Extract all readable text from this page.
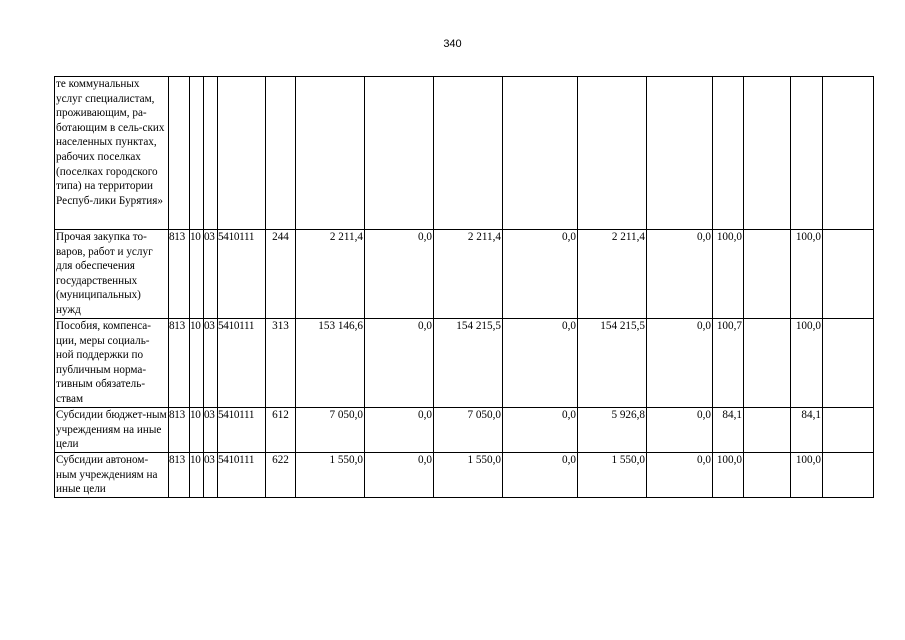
340
те коммунальных услуг специалистам, проживающим, ра-ботающим в сель-ских населенных пунктах, рабочих поселках (поселках городского типа) на территории Респуб-лики Бурятия»															
Прочая закупка то-варов, работ и услуг для обеспечения государственных (муниципальных) нужд	813	10	03	5410111	244	2 211,4	0,0	2 211,4	0,0	2 211,4	0,0	100,0		100,0	
Пособия, компенса-ции, меры социаль-ной поддержки по публичным норма-тивным обязатель-ствам	813	10	03	5410111	313	153 146,6	0,0	154 215,5	0,0	154 215,5	0,0	100,7		100,0	
Субсидии бюджет-ным учреждениям на иные цели	813	10	03	5410111	612	7 050,0	0,0	7 050,0	0,0	5 926,8	0,0	84,1		84,1	
Субсидии автоном-ным учреждениям на иные цели	813	10	03	5410111	622	1 550,0	0,0	1 550,0	0,0	1 550,0	0,0	100,0		100,0	
